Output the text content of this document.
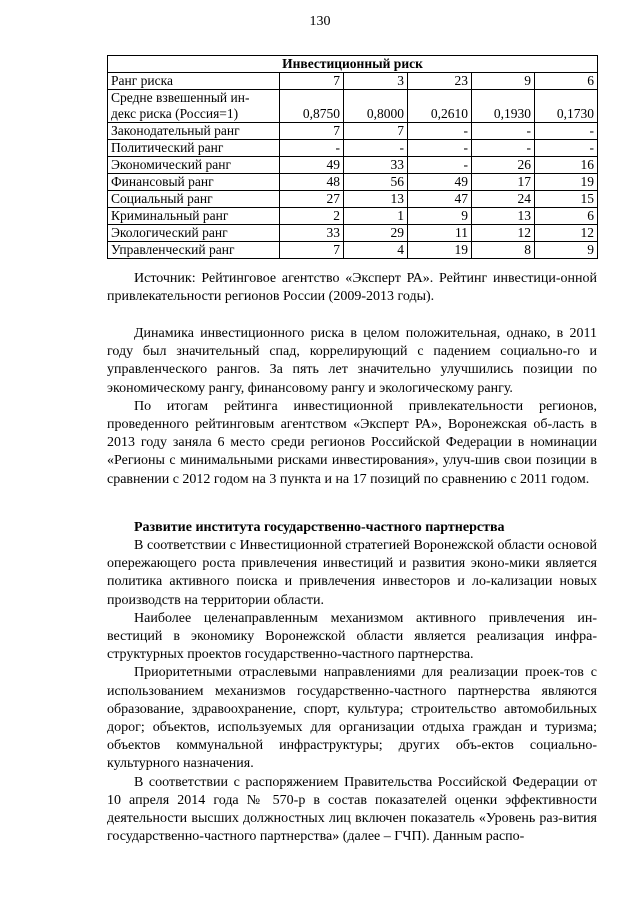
130
Инвестиционный риск					

Ранг риска	7	3	23	9	6

Средне взвешенный ин-
декс риска (Россия=1)	0,8750	0,8000	0,2610	0,1930	0,1730

Законодательный ранг	7	7	-	-	-

Политический ранг	-	-	-	-	-

Экономический ранг	49	33	-	26	16

Финансовый ранг	48	56	49	17	19

Социальный ранг	27	13	47	24	15

Криминальный ранг	2	1	9	13	6

Экологический ранг	33	29	11	12	12

Управленческий ранг	7	4	19	8	9

Источник: Рейтинговое агентство «Эксперт РА». Рейтинг инвестици-онной привлекательности регионов России (2009-2013 годы).

Динамика инвестиционного риска в целом положительная, однако, в 2011 году был значительный спад, коррелирующий с падением социально-го и управленческого рангов. За пять лет значительно улучшились позиции по экономическому рангу, финансовому рангу и экологическому рангу.

По итогам рейтинга инвестиционной привлекательности регионов, проведенного рейтинговым агентством «Эксперт РА», Воронежская об-ласть в 2013 году заняла 6 место среди регионов Российской Федерации в номинации «Регионы с минимальными рисками инвестирования», улуч-шив свои позиции в сравнении с 2012 годом на 3 пункта и на 17 позиций по сравнению с 2011 годом.

Развитие института государственно-частного партнерства

В соответствии с Инвестиционной стратегией Воронежской области основой опережающего роста привлечения инвестиций и развития эконо-мики является политика активного поиска и привлечения инвесторов и ло-кализации новых производств на территории области.

Наиболее целенаправленным механизмом активного привлечения ин-вестиций в экономику Воронежской области является реализация инфра-структурных проектов государственно-частного партнерства.

Приоритетными отраслевыми направлениями для реализации проек-тов с использованием механизмов государственно-частного партнерства являются образование, здравоохранение, спорт, культура; строительство автомобильных дорог; объектов, используемых для организации отдыха граждан и туризма; объектов коммунальной инфраструктуры; других объ-ектов социально-культурного назначения.

В соответствии с распоряжением Правительства Российской Федерации от 10 апреля 2014 года № 570-р в состав показателей оценки эффективности деятельности высших должностных лиц включен показатель «Уровень раз-вития государственно-частного партнерства» (далее – ГЧП). Данным распо-
